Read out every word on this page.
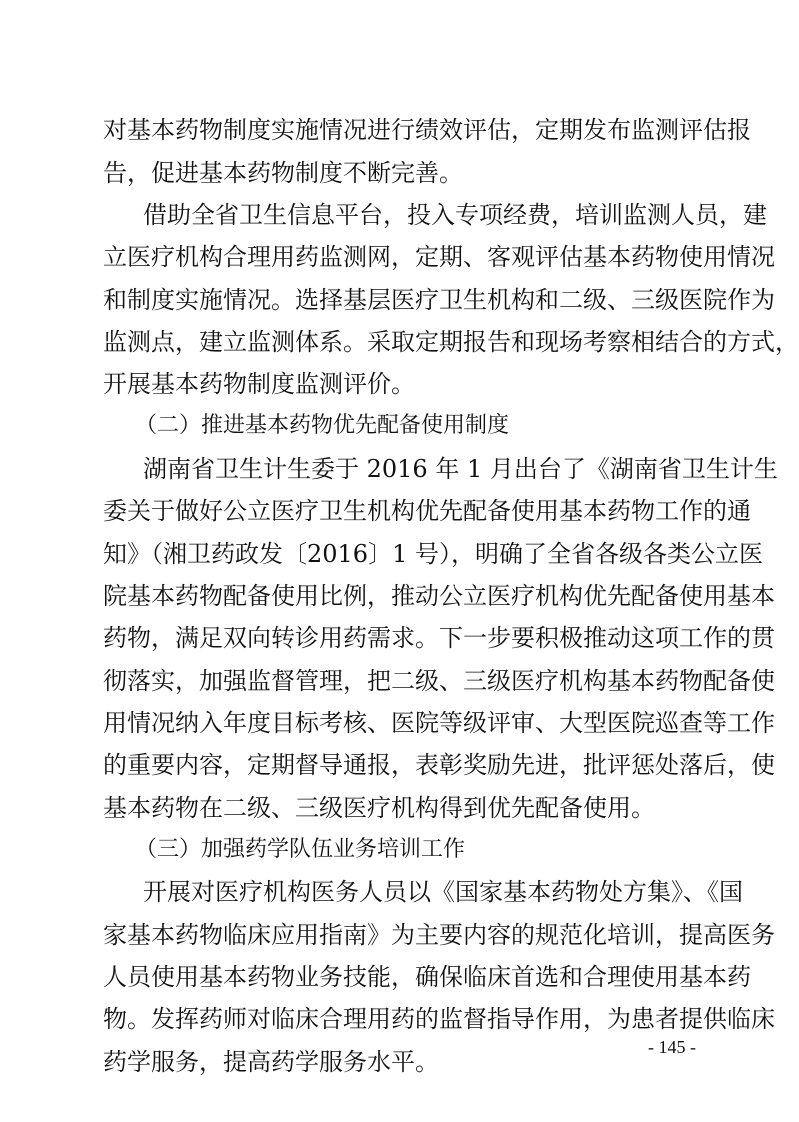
对基本药物制度实施情况进行绩效评估，定期发布监测评估报
告，促进基本药物制度不断完善。
借助全省卫生信息平台，投入专项经费，培训监测人员，建
立医疗机构合理用药监测网，定期、客观评估基本药物使用情况
和制度实施情况。选择基层医疗卫生机构和二级、三级医院作为
监测点，建立监测体系。采取定期报告和现场考察相结合的方式，
开展基本药物制度监测评价。
（二）推进基本药物优先配备使用制度
湖南省卫生计生委于 2016 年 1 月出台了《湖南省卫生计生
委关于做好公立医疗卫生机构优先配备使用基本药物工作的通
知》（湘卫药政发〔2016〕1 号），明确了全省各级各类公立医
院基本药物配备使用比例，推动公立医疗机构优先配备使用基本
药物，满足双向转诊用药需求。下一步要积极推动这项工作的贯
彻落实，加强监督管理，把二级、三级医疗机构基本药物配备使
用情况纳入年度目标考核、医院等级评审、大型医院巡查等工作
的重要内容，定期督导通报，表彰奖励先进，批评惩处落后，使
基本药物在二级、三级医疗机构得到优先配备使用。
（三）加强药学队伍业务培训工作
开展对医疗机构医务人员以《国家基本药物处方集》、《国
家基本药物临床应用指南》为主要内容的规范化培训，提高医务
人员使用基本药物业务技能，确保临床首选和合理使用基本药
物。发挥药师对临床合理用药的监督指导作用，为患者提供临床
药学服务，提高药学服务水平。
- 145 -
